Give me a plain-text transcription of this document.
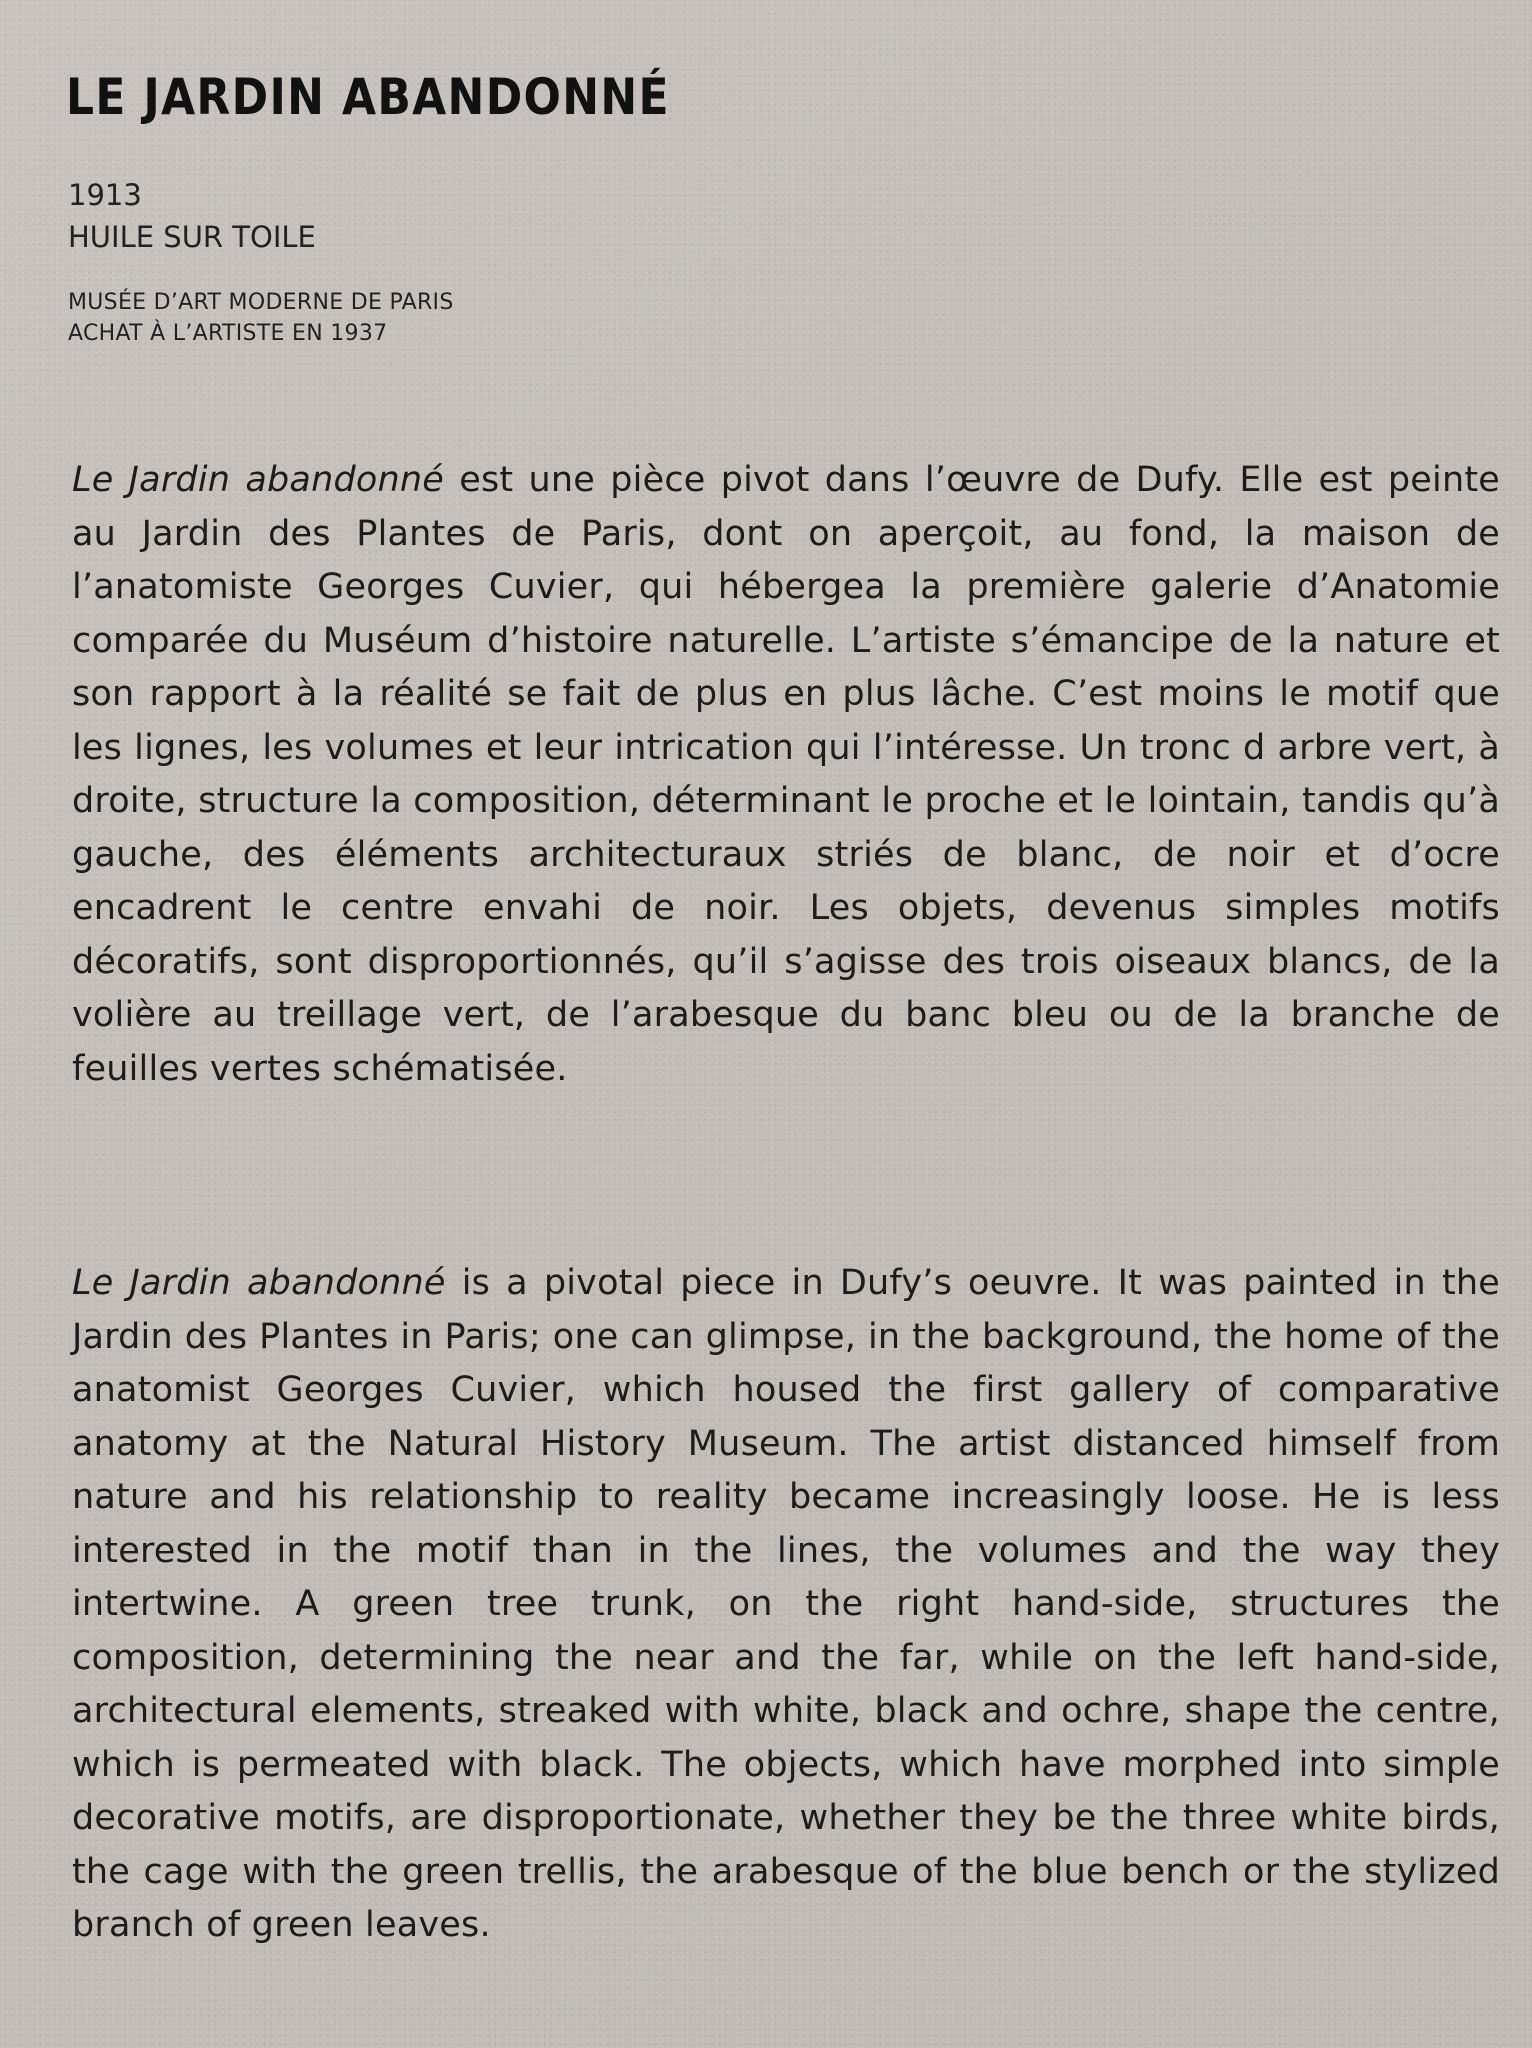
LE JARDIN ABANDONNÉ
1913
HUILE SUR TOILE
MUSÉE D’ART MODERNE DE PARIS
ACHAT À L’ARTISTE EN 1937

Le Jardin abandonné est une pièce pivot dans l’œuvre de Dufy. Elle est peinte au Jardin des Plantes de Paris, dont on aperçoit, au fond, la maison de l’anatomiste Georges Cuvier, qui hébergea la première galerie d’Anatomie comparée du Muséum d’histoire naturelle. L’artiste s’émancipe de la nature et son rapport à la réalité se fait de plus en plus lâche. C’est moins le motif que les lignes, les volumes et leur intrication qui l’intéresse. Un tronc d arbre vert, à droite, structure la composition, déterminant le proche et le lointain, tandis qu’à gauche, des éléments architecturaux striés de blanc, de noir et d’ocre encadrent le centre envahi de noir. Les objets, devenus simples motifs décoratifs, sont disproportionnés, qu’il s’agisse des trois oiseaux blancs, de la volière au treillage vert, de l’arabesque du banc bleu ou de la branche de feuilles vertes schématisée.

Le Jardin abandonné is a pivotal piece in Dufy’s oeuvre. It was painted in the Jardin des Plantes in Paris; one can glimpse, in the background, the home of the anatomist Georges Cuvier, which housed the first gallery of comparative anatomy at the Natural History Museum. The artist distanced himself from nature and his relationship to reality became increasingly loose. He is less interested in the motif than in the lines, the volumes and the way they intertwine. A green tree trunk, on the right hand-side, structures the composition, determining the near and the far, while on the left hand-side, architectural elements, streaked with white, black and ochre, shape the centre, which is permeated with black. The objects, which have morphed into simple decorative motifs, are disproportionate, whether they be the three white birds, the cage with the green trellis, the arabesque of the blue bench or the stylized branch of green leaves.
